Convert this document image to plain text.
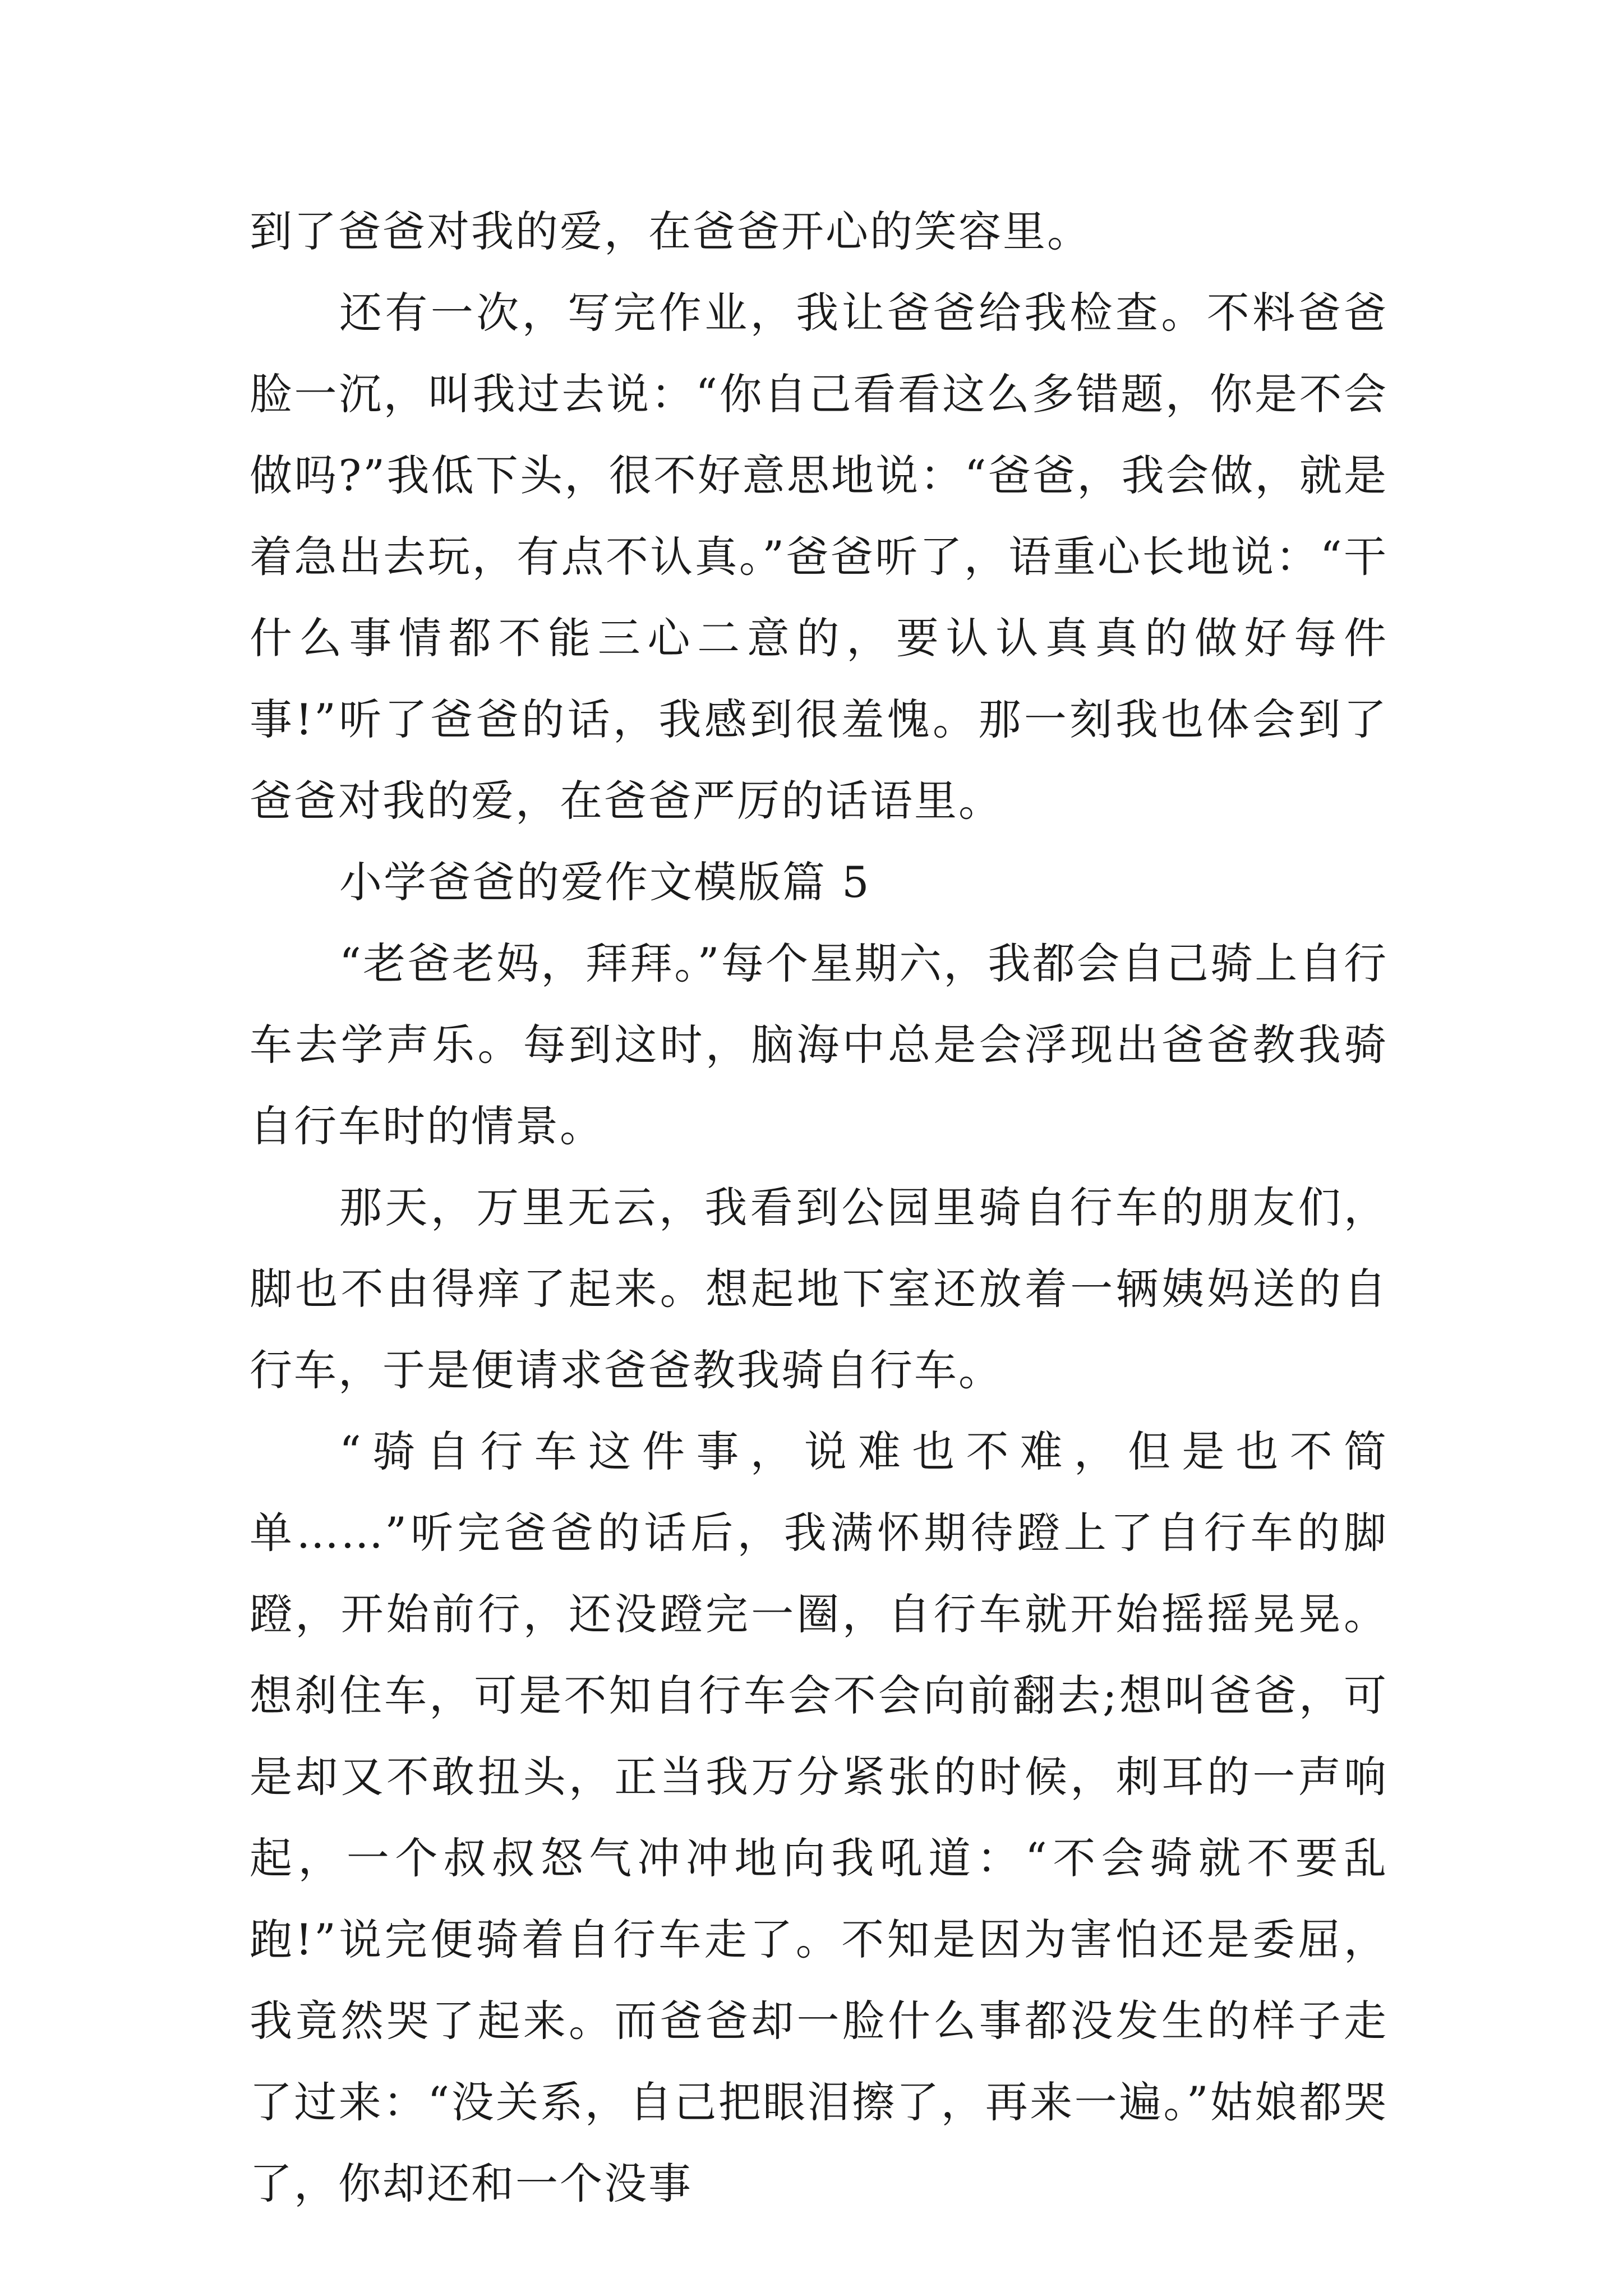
到了爸爸对我的爱，在爸爸开心的笑容里。

还有一次，写完作业，我让爸爸给我检查。不料爸爸脸一沉，叫我过去说：“你自己看看这么多错题，你是不会做吗?”我低下头，很不好意思地说：“爸爸，我会做，就是着急出去玩，有点不认真。”爸爸听了，语重心长地说：“干什么事情都不能三心二意的，要认认真真的做好每件事!”听了爸爸的话，我感到很羞愧。那一刻我也体会到了爸爸对我的爱，在爸爸严厉的话语里。

小学爸爸的爱作文模版篇 5

“老爸老妈，拜拜。”每个星期六，我都会自己骑上自行车去学声乐。每到这时，脑海中总是会浮现出爸爸教我骑自行车时的情景。

那天，万里无云，我看到公园里骑自行车的朋友们，脚也不由得痒了起来。想起地下室还放着一辆姨妈送的自行车，于是便请求爸爸教我骑自行车。

“骑自行车这件事，说难也不难，但是也不简单……”听完爸爸的话后，我满怀期待蹬上了自行车的脚蹬，开始前行，还没蹬完一圈，自行车就开始摇摇晃晃。想刹住车，可是不知自行车会不会向前翻去;想叫爸爸，可是却又不敢扭头，正当我万分紧张的时候，刺耳的一声响起，一个叔叔怒气冲冲地向我吼道：“不会骑就不要乱跑!”说完便骑着自行车走了。不知是因为害怕还是委屈，我竟然哭了起来。而爸爸却一脸什么事都没发生的样子走了过来：“没关系，自己把眼泪擦了，再来一遍。”姑娘都哭了，你却还和一个没事
